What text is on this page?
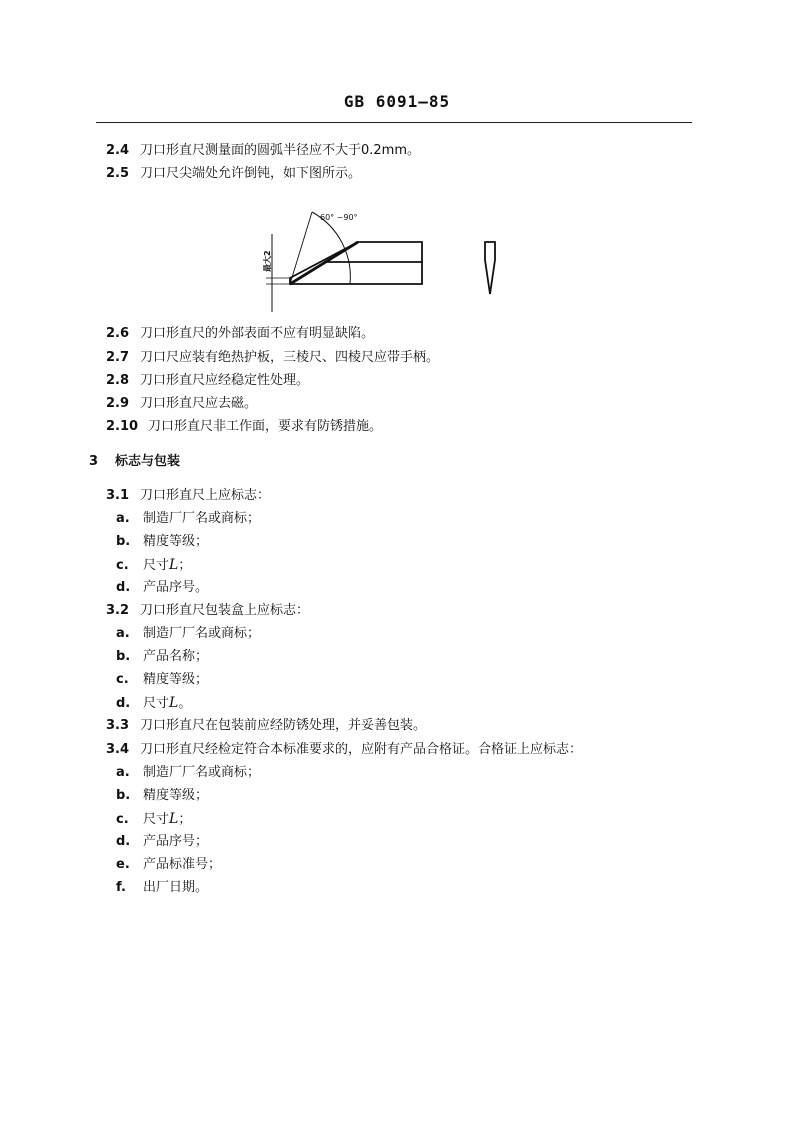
GB 6091—85
2.4 刀口形直尺测量面的圆弧半径应不大于0.2mm。
2.5 刀口尺尖端处允许倒钝，如下图所示。
60° ~90°
最大2
2.6 刀口形直尺的外部表面不应有明显缺陷。
2.7 刀口尺应装有绝热护板，三棱尺、四棱尺应带手柄。
2.8 刀口形直尺应经稳定性处理。
2.9 刀口形直尺应去磁。
2.10 刀口形直尺非工作面，要求有防锈措施。
3 标志与包装
3.1 刀口形直尺上应标志：
a. 制造厂厂名或商标；
b. 精度等级；
c. 尺寸L；
d. 产品序号。
3.2 刀口形直尺包装盒上应标志：
a. 制造厂厂名或商标；
b. 产品名称；
c. 精度等级；
d. 尺寸L。
3.3 刀口形直尺在包装前应经防锈处理，并妥善包装。
3.4 刀口形直尺经检定符合本标准要求的，应附有产品合格证。合格证上应标志：
a. 制造厂厂名或商标；
b. 精度等级；
c. 尺寸L；
d. 产品序号；
e. 产品标准号；
f. 出厂日期。
